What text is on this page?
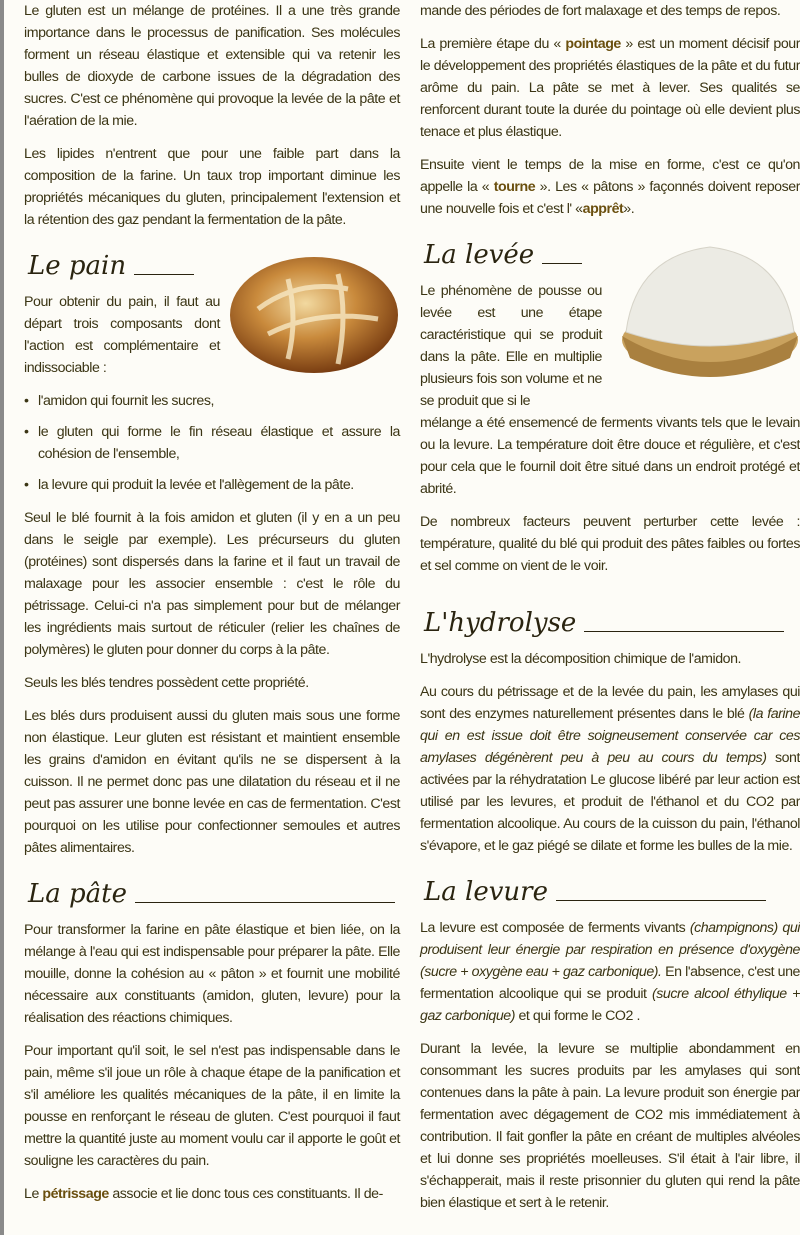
Le gluten est un mélange de protéines. Il a une très grande importance dans le processus de panification. Ses molécules forment un réseau élastique et extensible qui va retenir les bulles de dioxyde de carbone issues de la dégradation des sucres. C'est ce phénomène qui provoque la levée de la pâte et l'aération de la mie.

Les lipides n'entrent que pour une faible part dans la composition de la farine. Un taux trop important diminue les propriétés mécaniques du gluten, principalement l'extension et la rétention des gaz pendant la fermentation de la pâte.

Le pain

Pour obtenir du pain, il faut au départ trois composants dont l'action est complémentaire et indissociable :

• l'amidon qui fournit les sucres,
• le gluten qui forme le fin réseau élastique et assure la cohésion de l'ensemble,
• la levure qui produit la levée et l'allègement de la pâte.

Seul le blé fournit à la fois amidon et gluten (il y en a un peu dans le seigle par exemple). Les précurseurs du gluten (protéines) sont dispersés dans la farine et il faut un travail de malaxage pour les associer ensemble : c'est le rôle du pétrissage. Celui-ci n'a pas simplement pour but de mélanger les ingrédients mais surtout de réticuler (relier les chaînes de polymères) le gluten pour donner du corps à la pâte.

Seuls les blés tendres possèdent cette propriété.

Les blés durs produisent aussi du gluten mais sous une forme non élastique. Leur gluten est résistant et maintient ensemble les grains d'amidon en évitant qu'ils ne se dispersent à la cuisson. Il ne permet donc pas une dilatation du réseau et il ne peut pas assurer une bonne levée en cas de fermentation. C'est pourquoi on les utilise pour confectionner semoules et autres pâtes alimentaires.

La pâte

Pour transformer la farine en pâte élastique et bien liée, on la mélange à l'eau qui est indispensable pour préparer la pâte. Elle mouille, donne la cohésion au « pâton » et fournit une mobilité nécessaire aux constituants (amidon, gluten, levure) pour la réalisation des réactions chimiques.

Pour important qu'il soit, le sel n'est pas indispensable dans le pain, même s'il joue un rôle à chaque étape de la panification et s'il améliore les qualités mécaniques de la pâte, il en limite la pousse en renforçant le réseau de gluten. C'est pourquoi il faut mettre la quantité juste au moment voulu car il apporte le goût et souligne les caractères du pain.

Le pétrissage associe et lie donc tous ces constituants. Il de-

mande des périodes de fort malaxage et des temps de repos.

La première étape du « pointage » est un moment décisif pour le développement des propriétés élastiques de la pâte et du futur arôme du pain. La pâte se met à lever. Ses qualités se renforcent durant toute la durée du pointage où elle devient plus tenace et plus élastique.

Ensuite vient le temps de la mise en forme, c'est ce qu'on appelle la « tourne ». Les « pâtons » façonnés doivent reposer une nouvelle fois et c'est l' «apprêt».

La levée

Le phénomène de pousse ou levée est une étape caractéristique qui se produit dans la pâte. Elle en multiplie plusieurs fois son volume et ne se produit que si le

mélange a été ensemencé de ferments vivants tels que le levain ou la levure. La température doit être douce et régulière, et c'est pour cela que le fournil doit être situé dans un endroit protégé et abrité.

De nombreux facteurs peuvent perturber cette levée : température, qualité du blé qui produit des pâtes faibles ou fortes et sel comme on vient de le voir.

L'hydrolyse

L'hydrolyse est la décomposition chimique de l'amidon.

Au cours du pétrissage et de la levée du pain, les amylases qui sont des enzymes naturellement présentes dans le blé (la farine qui en est issue doit être soigneusement conservée car ces amylases dégénèrent peu à peu au cours du temps) sont activées par la réhydratation Le glucose libéré par leur action est utilisé par les levures, et produit de l'éthanol et du CO2 par fermentation alcoolique. Au cours de la cuisson du pain, l'éthanol s'évapore, et le gaz piégé se dilate et forme les bulles de la mie.

La levure

La levure est composée de ferments vivants (champignons) qui produisent leur énergie par respiration en présence d'oxygène (sucre + oxygène eau + gaz carbonique). En l'absence, c'est une fermentation alcoolique qui se produit (sucre alcool éthylique + gaz carbonique) et qui forme le CO2 .

Durant la levée, la levure se multiplie abondamment en consommant les sucres produits par les amylases qui sont contenues dans la pâte à pain. La levure produit son énergie par fermentation avec dégagement de CO2 mis immédiatement à contribution. Il fait gonfler la pâte en créant de multiples alvéoles et lui donne ses propriétés moelleuses. S'il était à l'air libre, il s'échapperait, mais il reste prisonnier du gluten qui rend la pâte bien élastique et sert à le retenir.
